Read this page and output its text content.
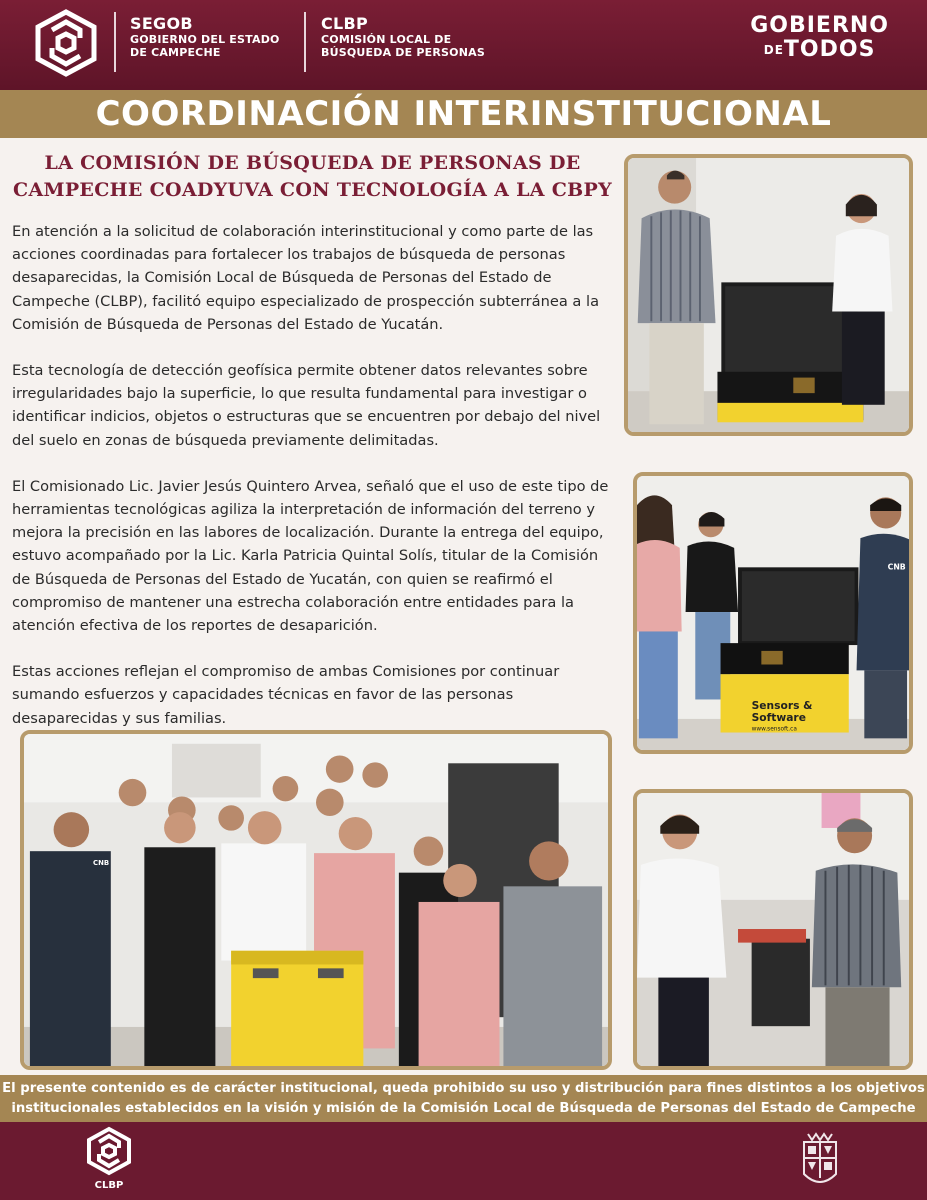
SEGOB
GOBIERNO DEL ESTADO
DE CAMPECHE
CLBP
COMISIÓN LOCAL DE
BÚSQUEDA DE PERSONAS
GOBIERNO
$^{DE}$TODOS
COORDINACIÓN INTERINSTITUCIONAL
LA COMISIÓN DE BÚSQUEDA DE PERSONAS DE
CAMPECHE COADYUVA CON TECNOLOGÍA A LA CBPY

En atención a la solicitud de colaboración interinstitucional y como parte de las acciones coordinadas para fortalecer los trabajos de búsqueda de personas desaparecidas, la Comisión Local de Búsqueda de Personas del Estado de Campeche (CLBP), facilitó equipo especializado de prospección subterránea a la Comisión de Búsqueda de Personas del Estado de Yucatán.

Esta tecnología de detección geofísica permite obtener datos relevantes sobre irregularidades bajo la superficie, lo que resulta fundamental para investigar o identificar indicios, objetos o estructuras que se encuentren por debajo del nivel del suelo en zonas de búsqueda previamente delimitadas.

El Comisionado Lic. Javier Jesús Quintero Arvea, señaló que el uso de este tipo de herramientas tecnológicas agiliza la interpretación de información del terreno y mejora la precisión en las labores de localización. Durante la entrega del equipo, estuvo acompañado por la Lic. Karla Patricia Quintal Solís, titular de la Comisión de Búsqueda de Personas del Estado de Yucatán, con quien se reafirmó el compromiso de mantener una estrecha colaboración entre entidades para la atención efectiva de los reportes de desaparición.

Estas acciones reflejan el compromiso de ambas Comisiones por continuar sumando esfuerzos y capacidades técnicas en favor de las personas desaparecidas y sus familias.

Sensors &
Software
www.sensoft.ca
CNB
CNB
El presente contenido es de carácter institucional, queda prohibido su uso y distribución para fines distintos a los objetivos
institucionales establecidos en la visión y misión de la Comisión Local de Búsqueda de Personas del Estado de Campeche
CLBP
